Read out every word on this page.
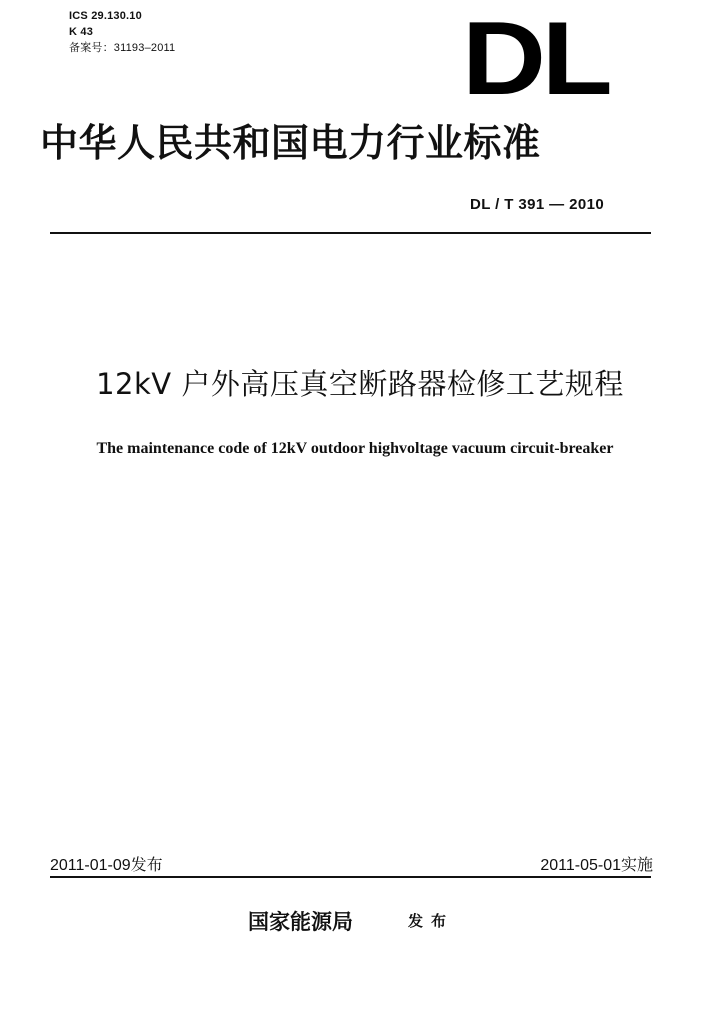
ICS 29.130.10
K 43
备案号：31193–2011	DL
中华人民共和国电力行业标准
DL / T 391 — 2010
12kV 户外高压真空断路器检修工艺规程
The maintenance code of 12kV outdoor highvoltage vacuum circuit-breaker
2011-01-09发布	2011-05-01实施
国家能源局	发布
